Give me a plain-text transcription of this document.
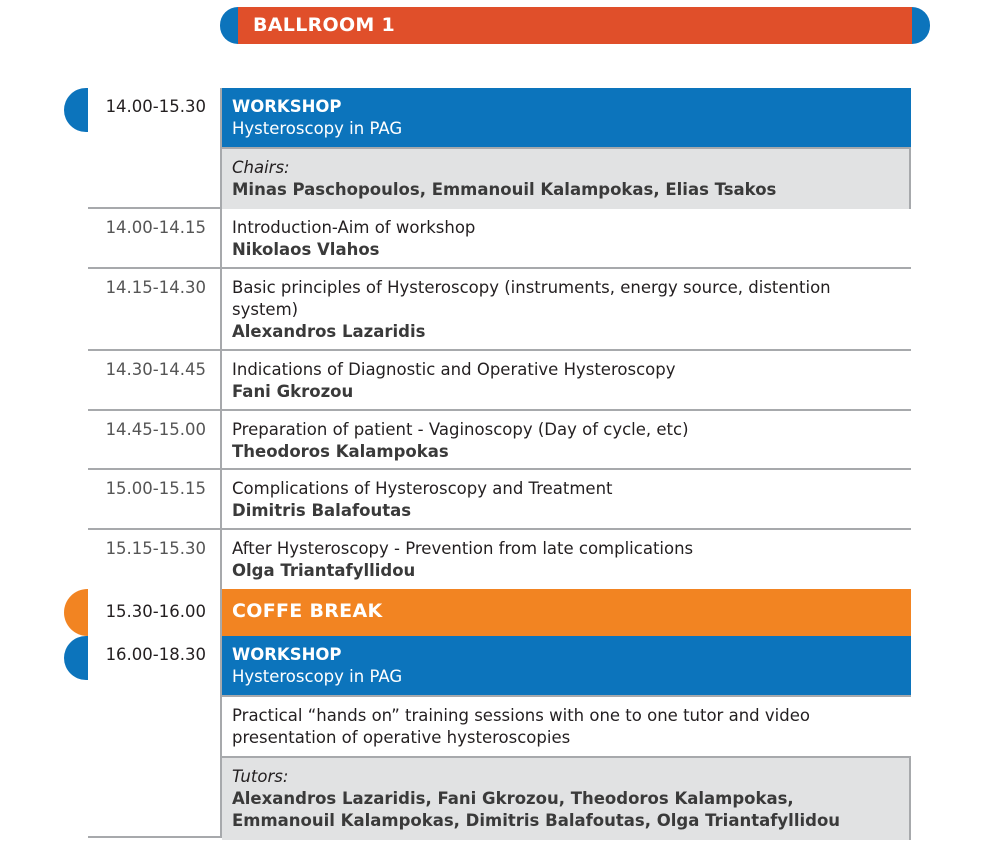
BALLROOM 1
14.00-15.30	WORKSHOP
Hysteroscopy in PAG
Chairs:
Minas Paschopoulos, Emmanouil Kalampokas, Elias Tsakos
14.00-14.15	Introduction-Aim of workshop
Nikolaos Vlahos
14.15-14.30	Basic principles of Hysteroscopy (instruments, energy source, distention system)
Alexandros Lazaridis
14.30-14.45	Indications of Diagnostic and Operative Hysteroscopy
Fani Gkrozou
14.45-15.00	Preparation of patient - Vaginoscopy (Day of cycle, etc)
Theodoros Kalampokas
15.00-15.15	Complications of Hysteroscopy and Treatment
Dimitris Balafoutas
15.15-15.30	After Hysteroscopy - Prevention from late complications
Olga Triantafyllidou
15.30-16.00	COFFE BREAK
16.00-18.30	WORKSHOP
Hysteroscopy in PAG
Practical “hands on” training sessions with one to one tutor and video presentation of operative hysteroscopies
Tutors:
Alexandros Lazaridis, Fani Gkrozou, Theodoros Kalampokas, Emmanouil Kalampokas, Dimitris Balafoutas, Olga Triantafyllidou
